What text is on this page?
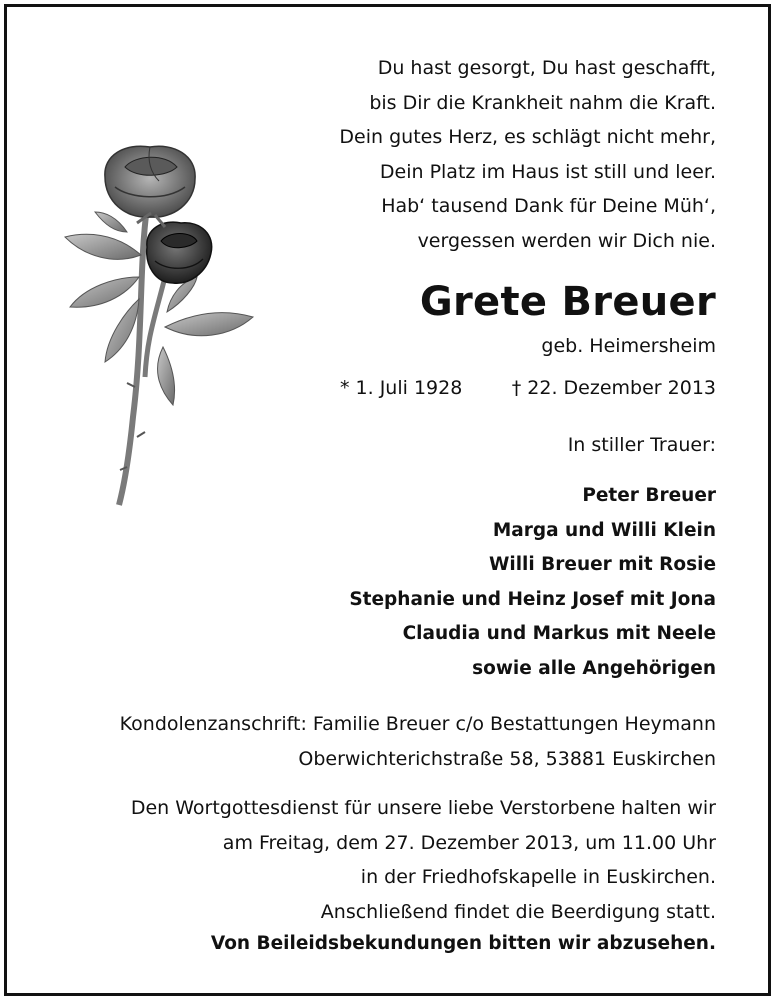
Du hast gesorgt, Du hast geschafft,
bis Dir die Krankheit nahm die Kraft.
Dein gutes Herz, es schlägt nicht mehr,
Dein Platz im Haus ist still und leer.
Hab‘ tausend Dank für Deine Müh‘,
vergessen werden wir Dich nie.
Grete Breuer
geb. Heimersheim
* 1. Juli 1928	† 22. Dezember 2013
In stiller Trauer:
Peter Breuer
Marga und Willi Klein
Willi Breuer mit Rosie
Stephanie und Heinz Josef mit Jona
Claudia und Markus mit Neele
sowie alle Angehörigen
Kondolenzanschrift: Familie Breuer c/o Bestattungen Heymann
Oberwichterichstraße 58, 53881 Euskirchen
Den Wortgottesdienst für unsere liebe Verstorbene halten wir
am Freitag, dem 27. Dezember 2013, um 11.00 Uhr
in der Friedhofskapelle in Euskirchen.
Anschließend findet die Beerdigung statt.
Von Beileidsbekundungen bitten wir abzusehen.
